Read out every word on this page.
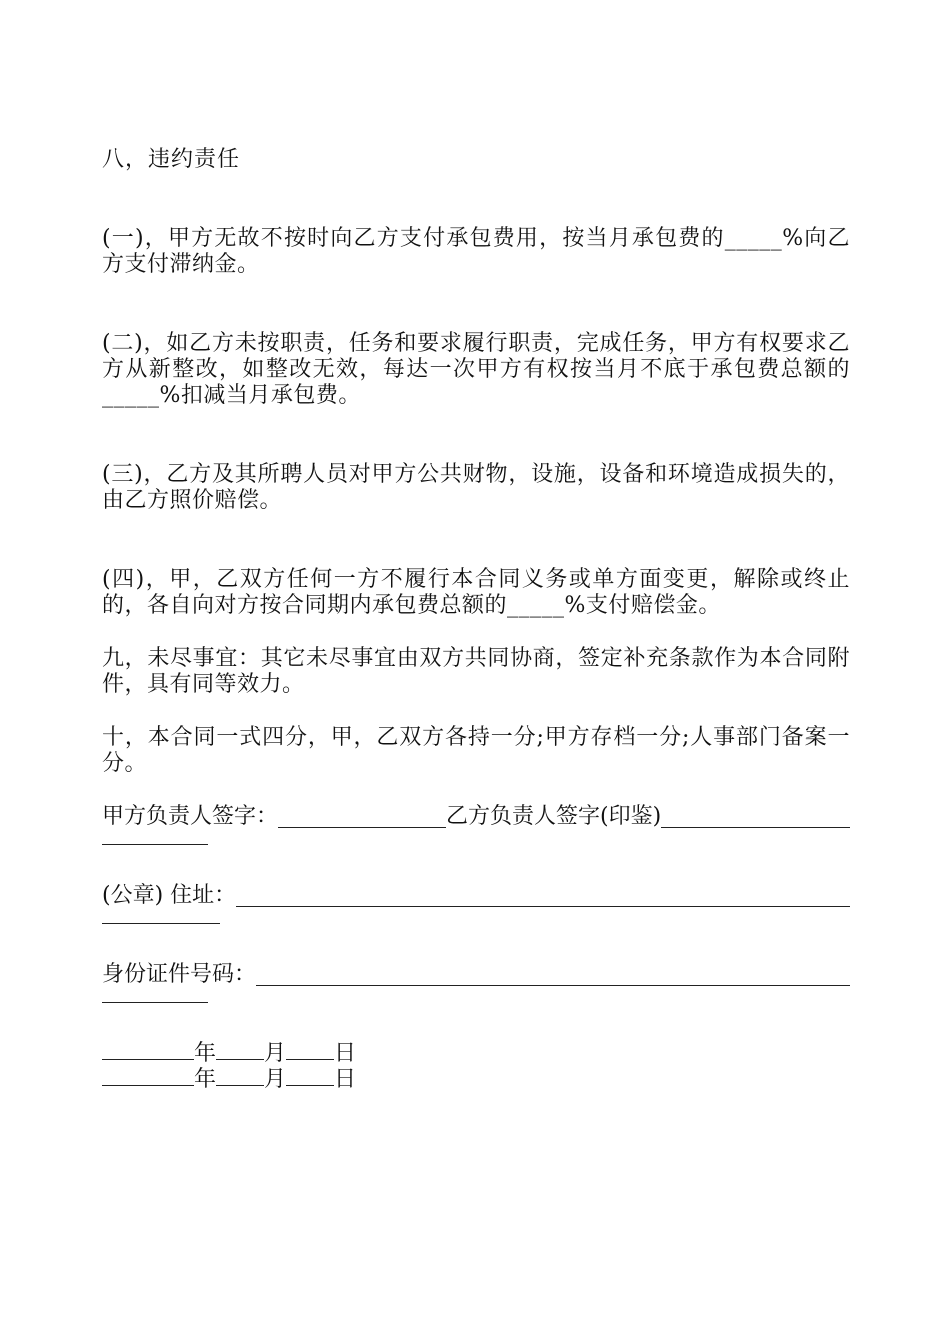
八，违约责任

(一)，甲方无故不按时向乙方支付承包费用，按当月承包费的_____%向乙方支付滞纳金。

(二)，如乙方未按职责，任务和要求履行职责，完成任务，甲方有权要求乙方从新整改，如整改无效，每达一次甲方有权按当月不底于承包费总额的_____%扣减当月承包费。

(三)，乙方及其所聘人员对甲方公共财物，设施，设备和环境造成损失的，由乙方照价赔偿。

(四)，甲，乙双方任何一方不履行本合同义务或单方面变更，解除或终止的，各自向对方按合同期内承包费总额的_____%支付赔偿金。

九，未尽事宜：其它未尽事宜由双方共同协商，签定补充条款作为本合同附件，具有同等效力。

十，本合同一式四分，甲，乙双方各持一分;甲方存档一分;人事部门备案一分。

甲方负责人签字：	乙方负责人签字(印鉴)
(公章) 住址：
身份证件号码：
年 月 日
年 月 日
